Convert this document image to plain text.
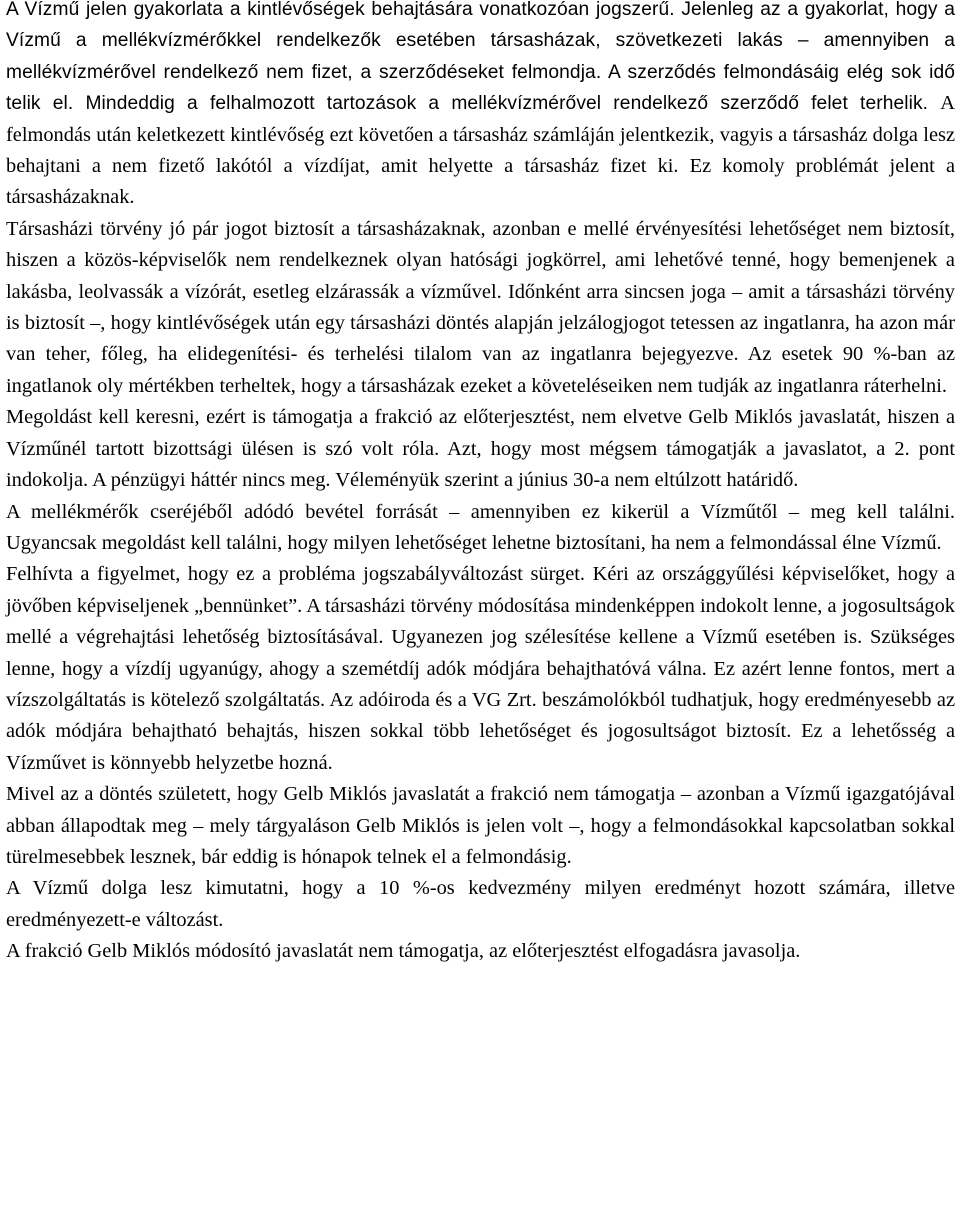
A Vízmű jelen gyakorlata a kintlévőségek behajtására vonatkozóan jogszerű. Jelenleg az a gyakorlat, hogy a Vízmű a mellékvízmérőkkel rendelkezők esetében társasházak, szövetkezeti lakás – amennyiben a mellékvízmérővel rendelkező nem fizet, a szerződéseket felmondja. A szerződés felmondásáig elég sok idő telik el. Mindeddig a felhalmozott tartozások a mellékvízmérővel rendelkező szerződő felet terhelik. A felmondás után keletkezett kintlévőség ezt követően a társasház számláján jelentkezik, vagyis a társasház dolga lesz behajtani a nem fizető lakótól a vízdíjat, amit helyette a társasház fizet ki. Ez komoly problémát jelent a társasházaknak.

Társasházi törvény jó pár jogot biztosít a társasházaknak, azonban e mellé érvényesítési lehetőséget nem biztosít, hiszen a közös-képviselők nem rendelkeznek olyan hatósági jogkörrel, ami lehetővé tenné, hogy bemenjenek a lakásba, leolvassák a vízórát, esetleg elzárassák a vízművel. Időnként arra sincsen joga – amit a társasházi törvény is biztosít –, hogy kintlévőségek után egy társasházi döntés alapján jelzálogjogot tetessen az ingatlanra, ha azon már van teher, főleg, ha elidegenítési- és terhelési tilalom van az ingatlanra bejegyezve. Az esetek 90 %-ban az ingatlanok oly mértékben terheltek, hogy a társasházak ezeket a követeléseiken nem tudják az ingatlanra ráterhelni.

Megoldást kell keresni, ezért is támogatja a frakció az előterjesztést, nem elvetve Gelb Miklós javaslatát, hiszen a Vízműnél tartott bizottsági ülésen is szó volt róla. Azt, hogy most mégsem támogatják a javaslatot, a 2. pont indokolja. A pénzügyi háttér nincs meg. Véleményük szerint a június 30-a nem eltúlzott határidő.

A mellékmérők cseréjéből adódó bevétel forrását – amennyiben ez kikerül a Vízműtől – meg kell találni. Ugyancsak megoldást kell találni, hogy milyen lehetőséget lehetne biztosítani, ha nem a felmondással élne Vízmű.

Felhívta a figyelmet, hogy ez a probléma jogszabályváltozást sürget. Kéri az országgyűlési képviselőket, hogy a jövőben képviseljenek „bennünket”. A társasházi törvény módosítása mindenképpen indokolt lenne, a jogosultságok mellé a végrehajtási lehetőség biztosításával. Ugyanezen jog szélesítése kellene a Vízmű esetében is. Szükséges lenne, hogy a vízdíj ugyanúgy, ahogy a szemétdíj adók módjára behajthatóvá válna. Ez azért lenne fontos, mert a vízszolgáltatás is kötelező szolgáltatás. Az adóiroda és a VG Zrt. beszámolókból tudhatjuk, hogy eredményesebb az adók módjára behajtható behajtás, hiszen sokkal több lehetőséget és jogosultságot biztosít. Ez a lehetősség a Vízművet is könnyebb helyzetbe hozná.

Mivel az a döntés született, hogy Gelb Miklós javaslatát a frakció nem támogatja – azonban a Vízmű igazgatójával abban állapodtak meg – mely tárgyaláson Gelb Miklós is jelen volt –, hogy a felmondásokkal kapcsolatban sokkal türelmesebbek lesznek, bár eddig is hónapok telnek el a felmondásig.

A Vízmű dolga lesz kimutatni, hogy a 10 %-os kedvezmény milyen eredményt hozott számára, illetve eredményezett-e változást.

A frakció Gelb Miklós módosító javaslatát nem támogatja, az előterjesztést elfogadásra javasolja.
